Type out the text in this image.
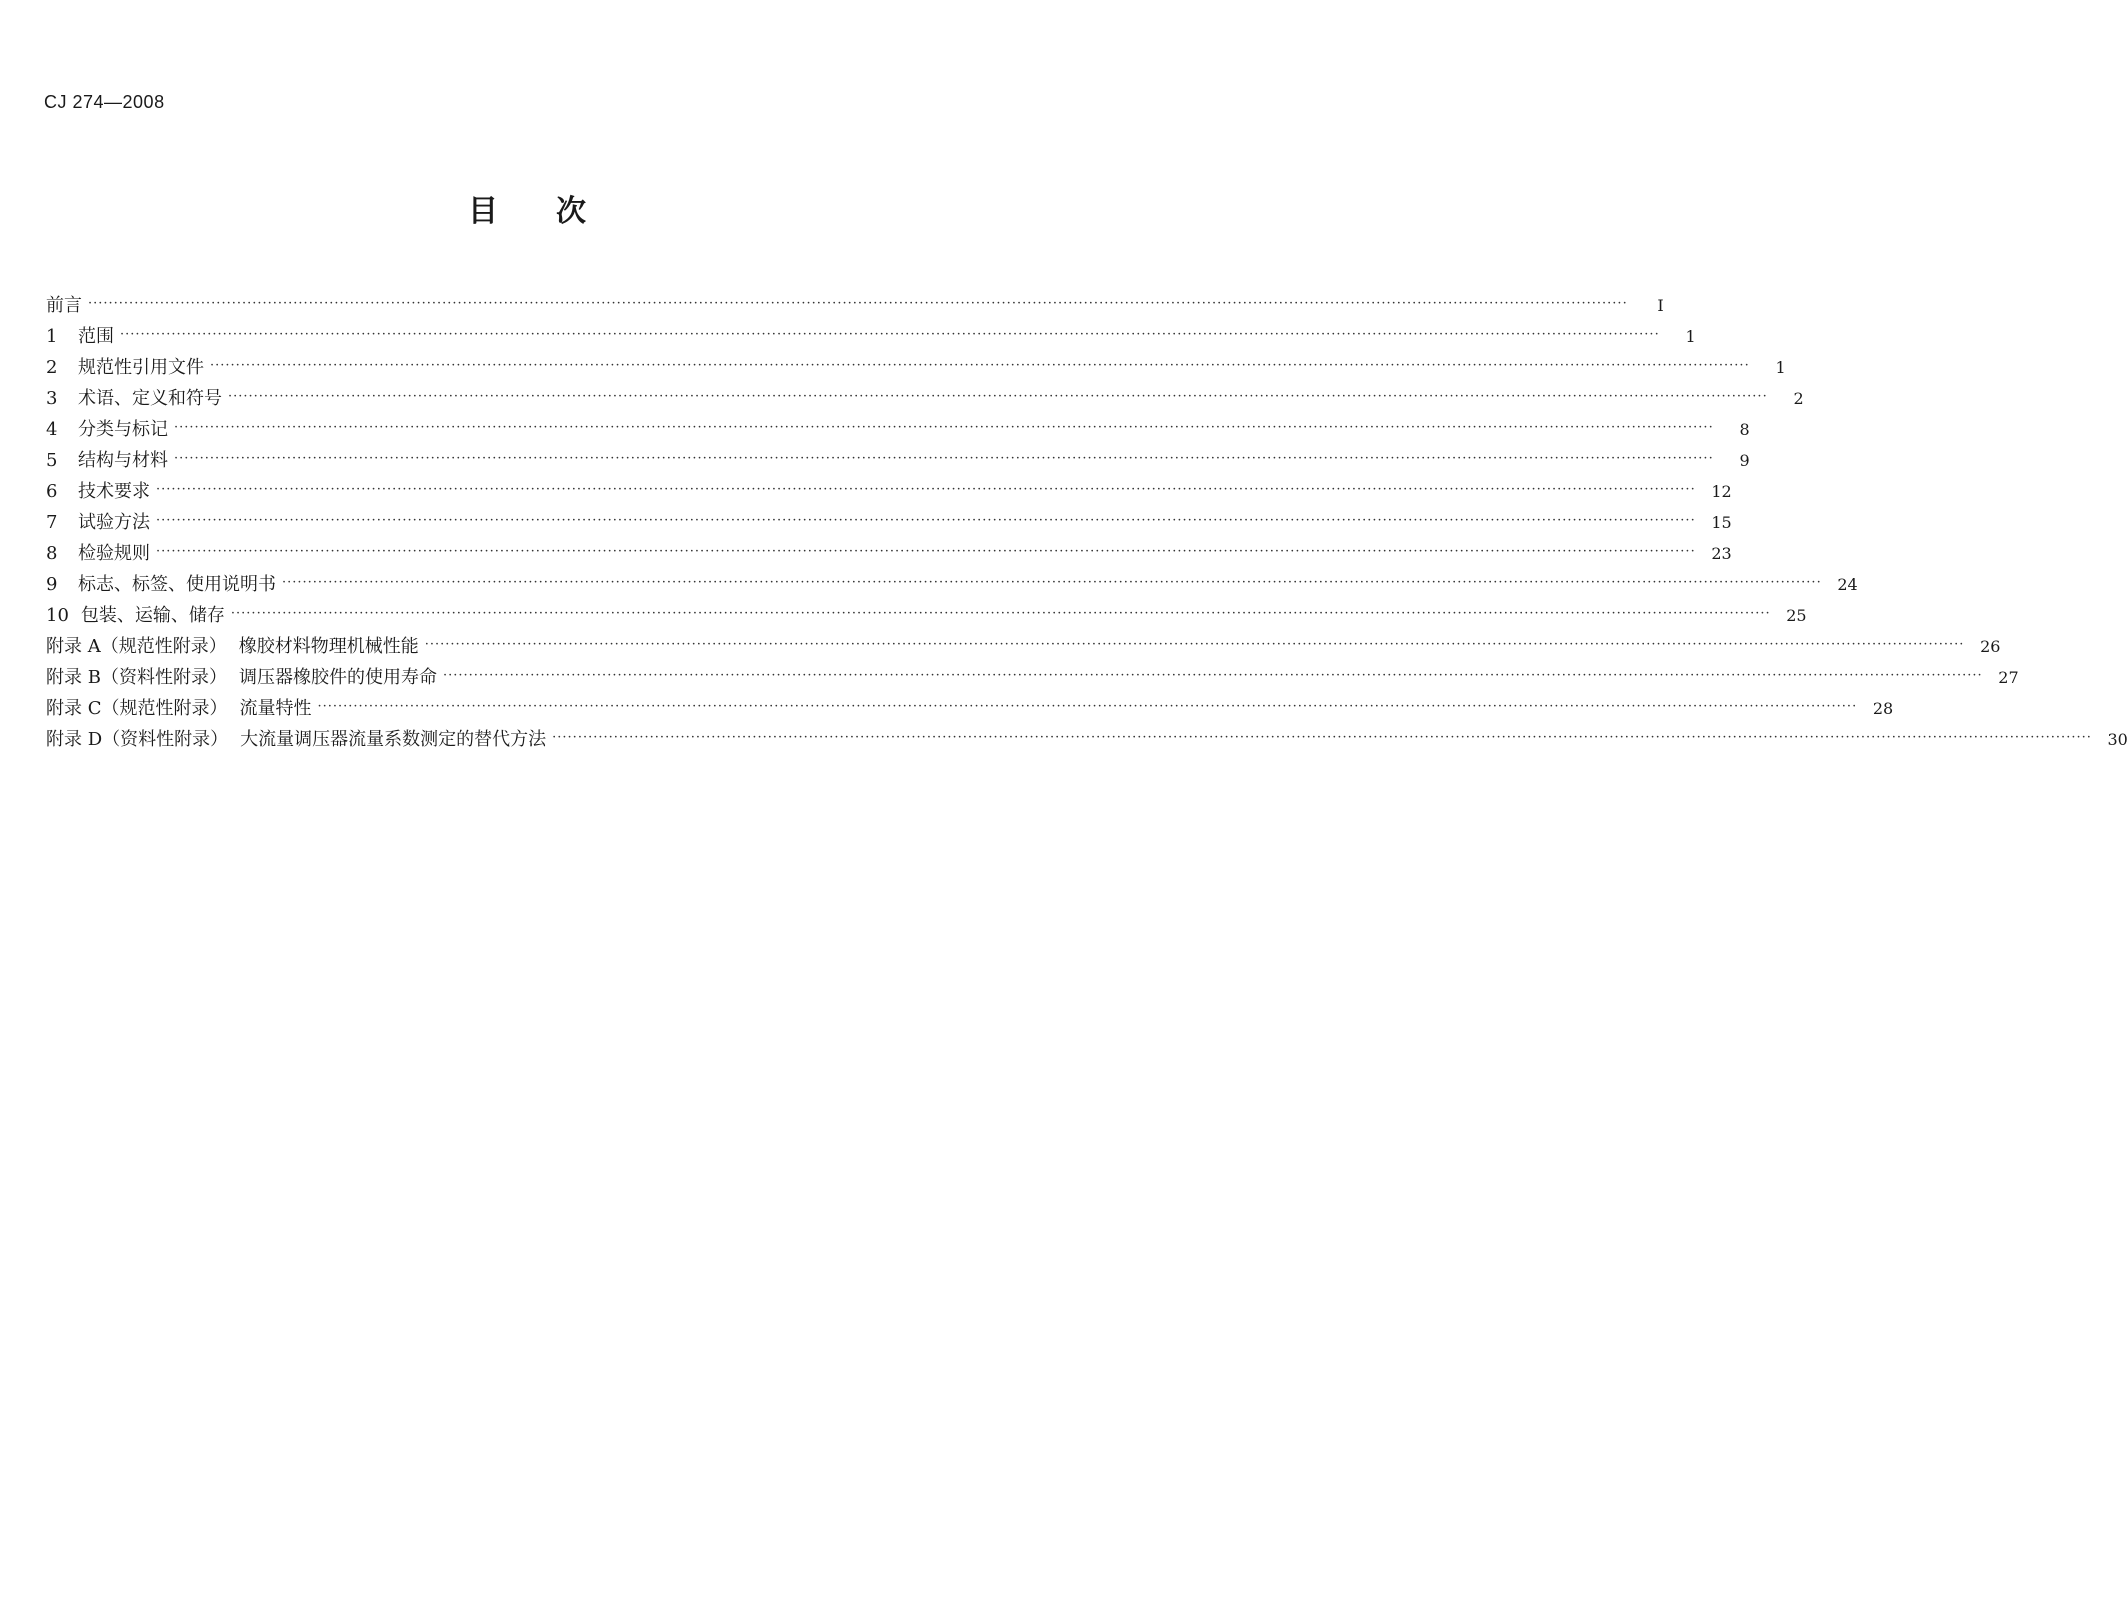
CJ 274—2008
目次
前言 ············································································································································································································································································································	I
1 范围 ············································································································································································································································································································	1
2 规范性引用文件 ············································································································································································································································································································	1
3 术语、定义和符号 ············································································································································································································································································································	2
4 分类与标记 ············································································································································································································································································································	8
5 结构与材料 ············································································································································································································································································································	9
6 技术要求 ············································································································································································································································································································ 12
7 试验方法 ············································································································································································································································································································ 15
8 检验规则 ············································································································································································································································································································ 23
9 标志、标签、使用说明书 ············································································································································································································································································································ 24
10 包装、运输、储存 ············································································································································································································································································································ 25
附录 A（规范性附录） 橡胶材料物理机械性能 ············································································································································································································································································································ 26
附录 B（资料性附录） 调压器橡胶件的使用寿命 ············································································································································································································································································································ 27
附录 C（规范性附录） 流量特性 ············································································································································································································································································································ 28
附录 D（资料性附录） 大流量调压器流量系数测定的替代方法 ············································································································································································································································································································ 30
